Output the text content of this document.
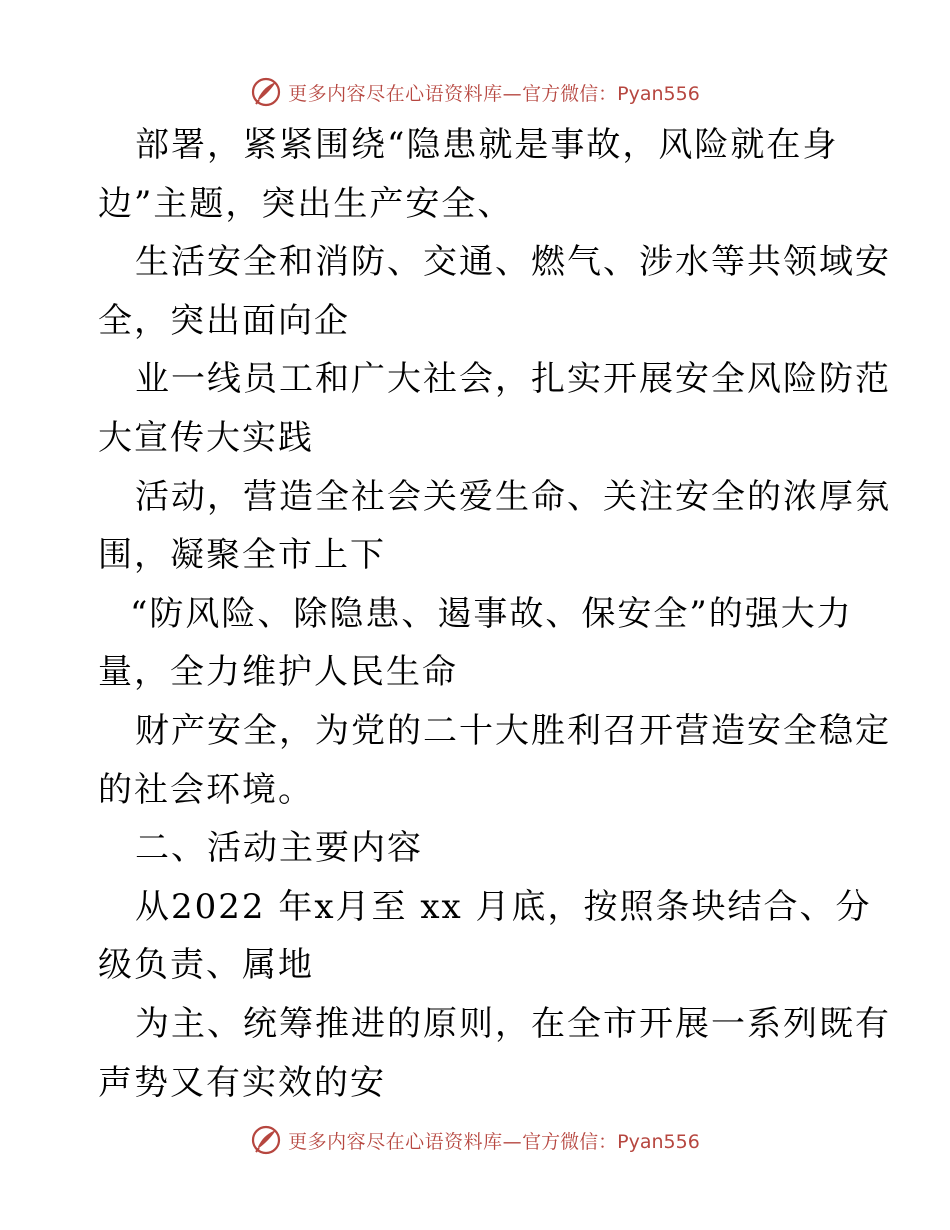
更多内容尽在心语资料库— 官方微信：Pyan556
部署，紧紧围绕“隐患就是事故，风险就在身
边”主题，突出生产安全、
生活安全和消防、交通、燃气、涉水等共领域安
全，突出面向企
业一线员工和广大社会，扎实开展安全风险防范
大宣传大实践
活动，营造全社会关爱生命、关注安全的浓厚氛
围，凝聚全市上下
“防风险、除隐患、遏事故、保安全”的强大力
量，全力维护人民生命
财产安全，为党的二十大胜利召开营造安全稳定
的社会环境。
二、活动主要内容
从2022 年x月至 xx 月底，按照条块结合、分
级负责、属地
为主、统筹推进的原则，在全市开展一系列既有
声势又有实效的安
更多内容尽在心语资料库— 官方微信：Pyan556
